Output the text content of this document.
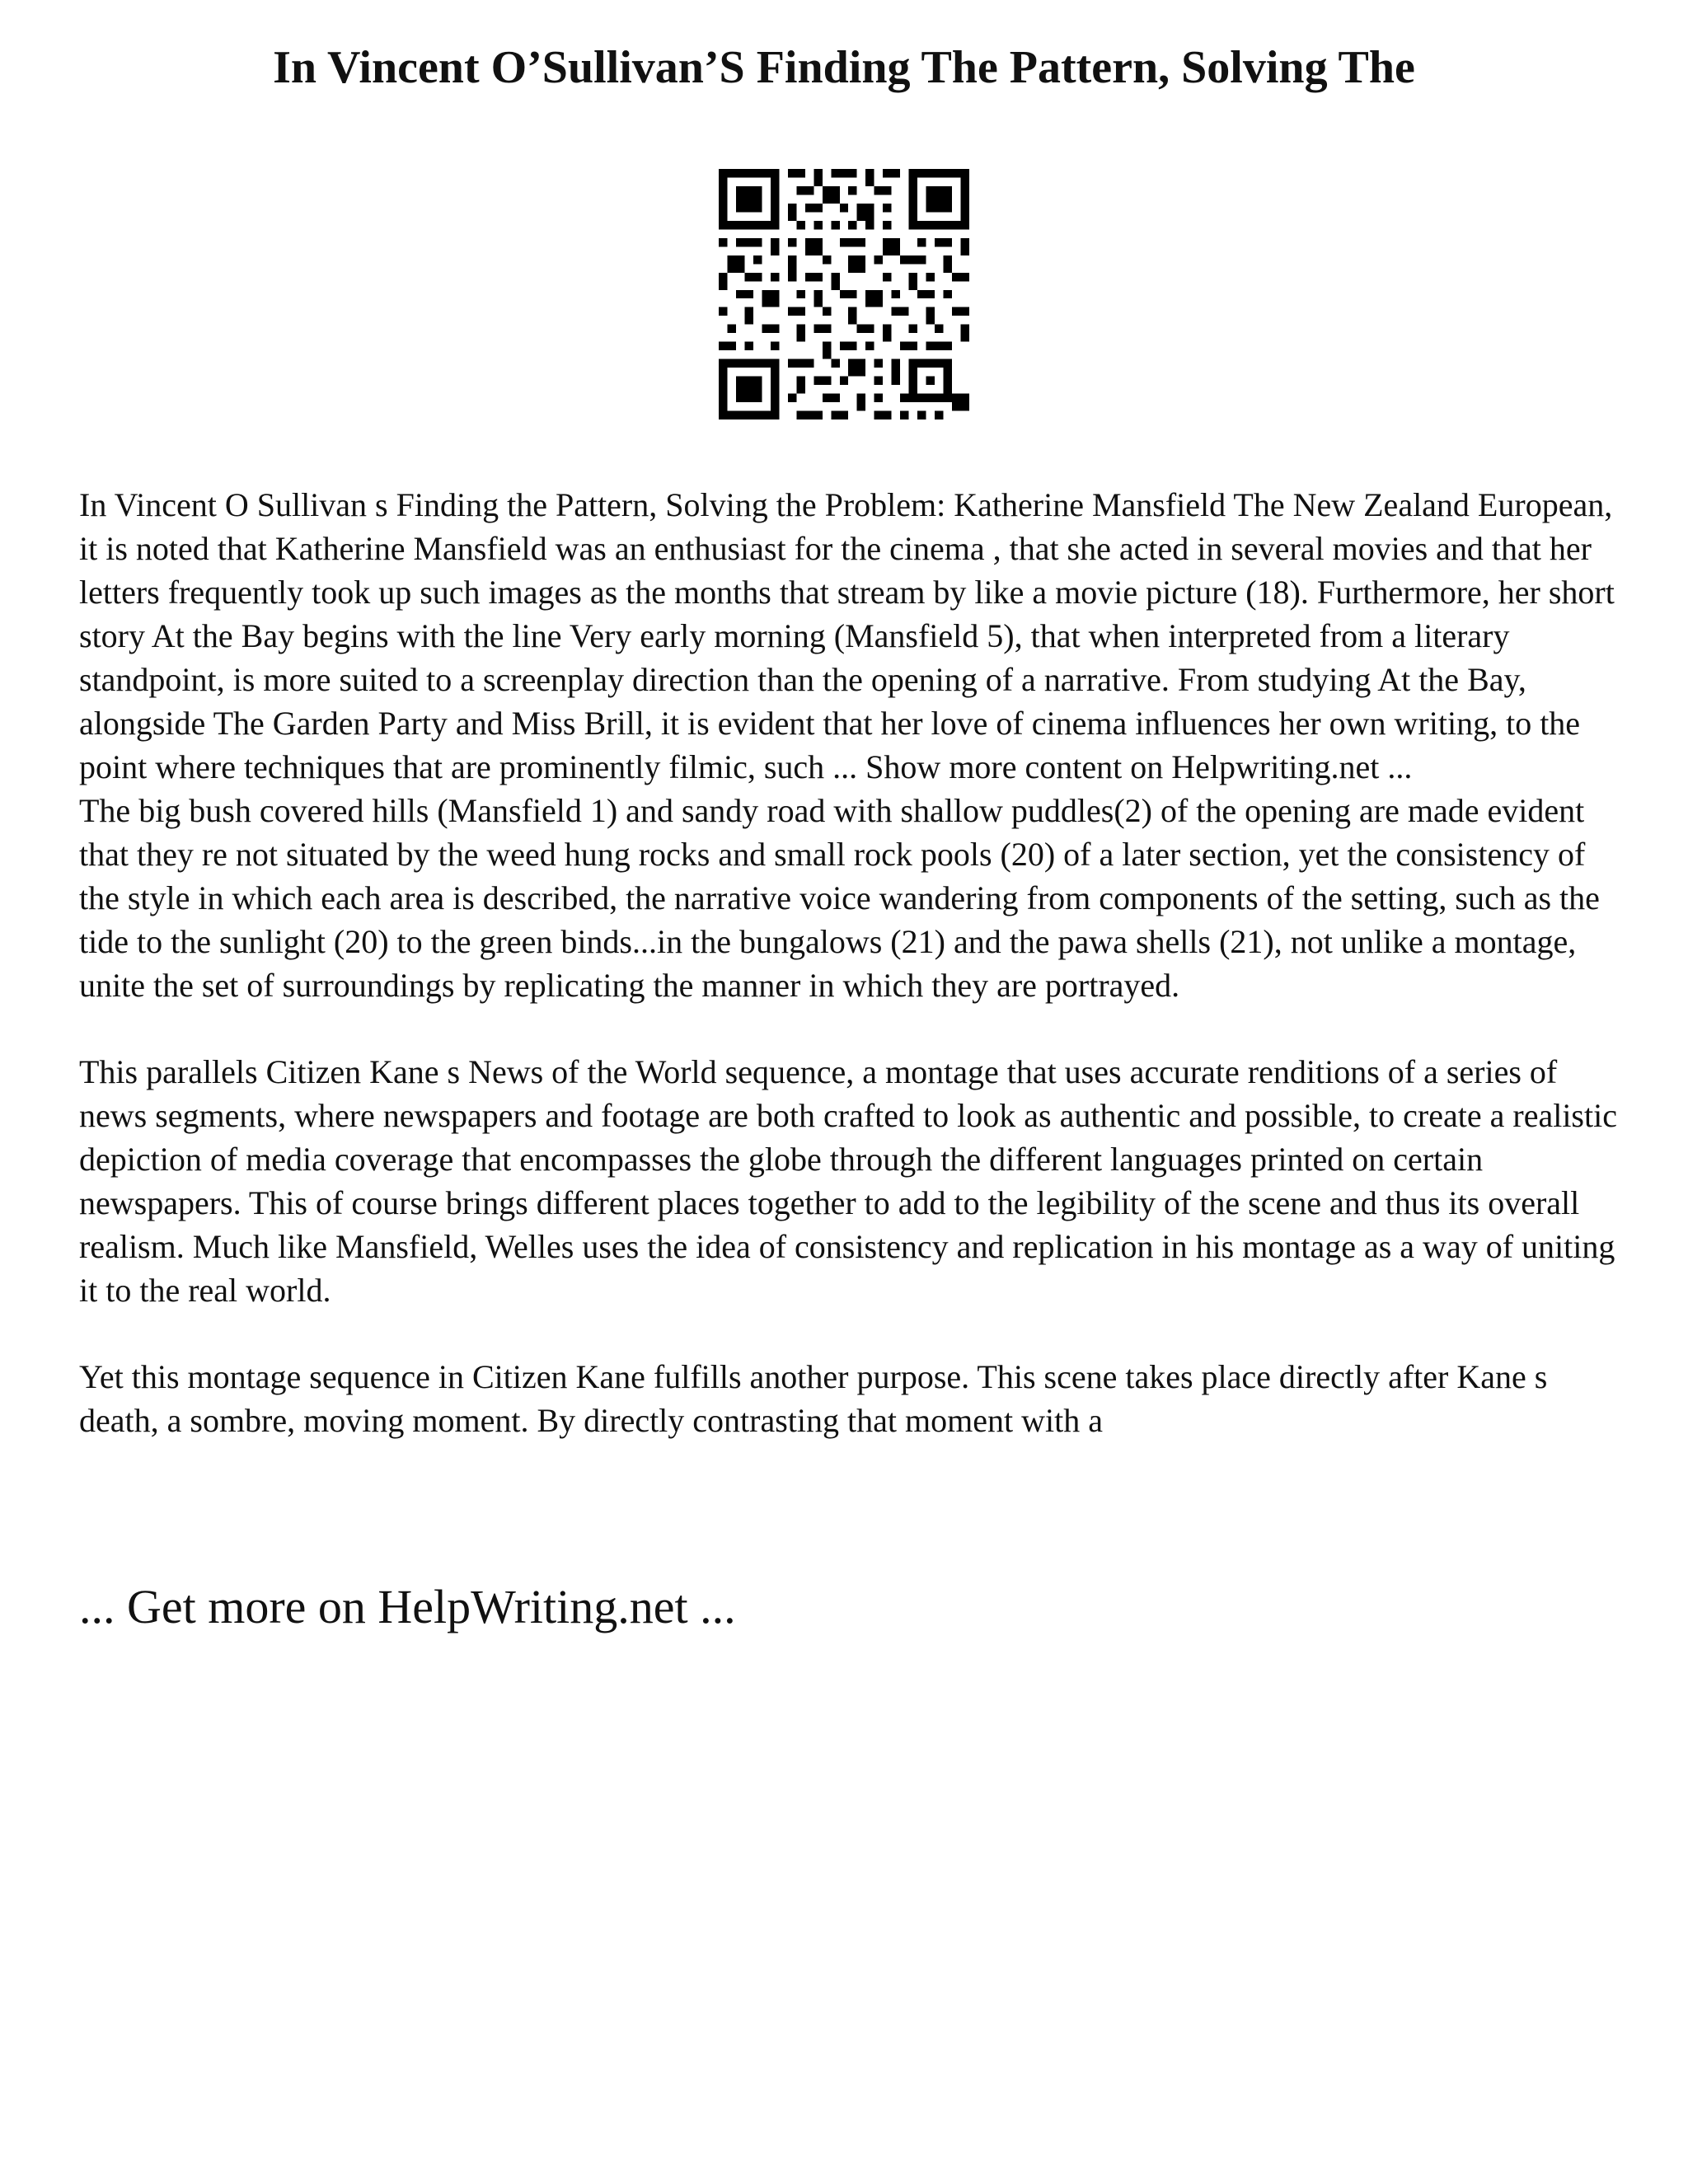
In Vincent O’Sullivan’S Finding The Pattern, Solving The

In Vincent O Sullivan s Finding the Pattern, Solving the Problem: Katherine Mansfield The New Zealand European, it is noted that Katherine Mansfield was an enthusiast for the cinema , that she acted in several movies and that her letters frequently took up such images as the months that stream by like a movie picture (18). Furthermore, her short story At the Bay begins with the line Very early morning (Mansfield 5), that when interpreted from a literary standpoint, is more suited to a screenplay direction than the opening of a narrative. From studying At the Bay, alongside The Garden Party and Miss Brill, it is evident that her love of cinema influences her own writing, to the point where techniques that are prominently filmic, such ... Show more content on Helpwriting.net ...

The big bush covered hills (Mansfield 1) and sandy road with shallow puddles(2) of the opening are made evident that they re not situated by the weed hung rocks and small rock pools (20) of a later section, yet the consistency of the style in which each area is described, the narrative voice wandering from components of the setting, such as the tide to the sunlight (20) to the green binds...in the bungalows (21) and the pawa shells (21), not unlike a montage, unite the set of surroundings by replicating the manner in which they are portrayed.

This parallels Citizen Kane s News of the World sequence, a montage that uses accurate renditions of a series of news segments, where newspapers and footage are both crafted to look as authentic and possible, to create a realistic depiction of media coverage that encompasses the globe through the different languages printed on certain newspapers. This of course brings different places together to add to the legibility of the scene and thus its overall realism. Much like Mansfield, Welles uses the idea of consistency and replication in his montage as a way of uniting it to the real world.

Yet this montage sequence in Citizen Kane fulfills another purpose. This scene takes place directly after Kane s death, a sombre, moving moment. By directly contrasting that moment with a

... Get more on HelpWriting.net ...
